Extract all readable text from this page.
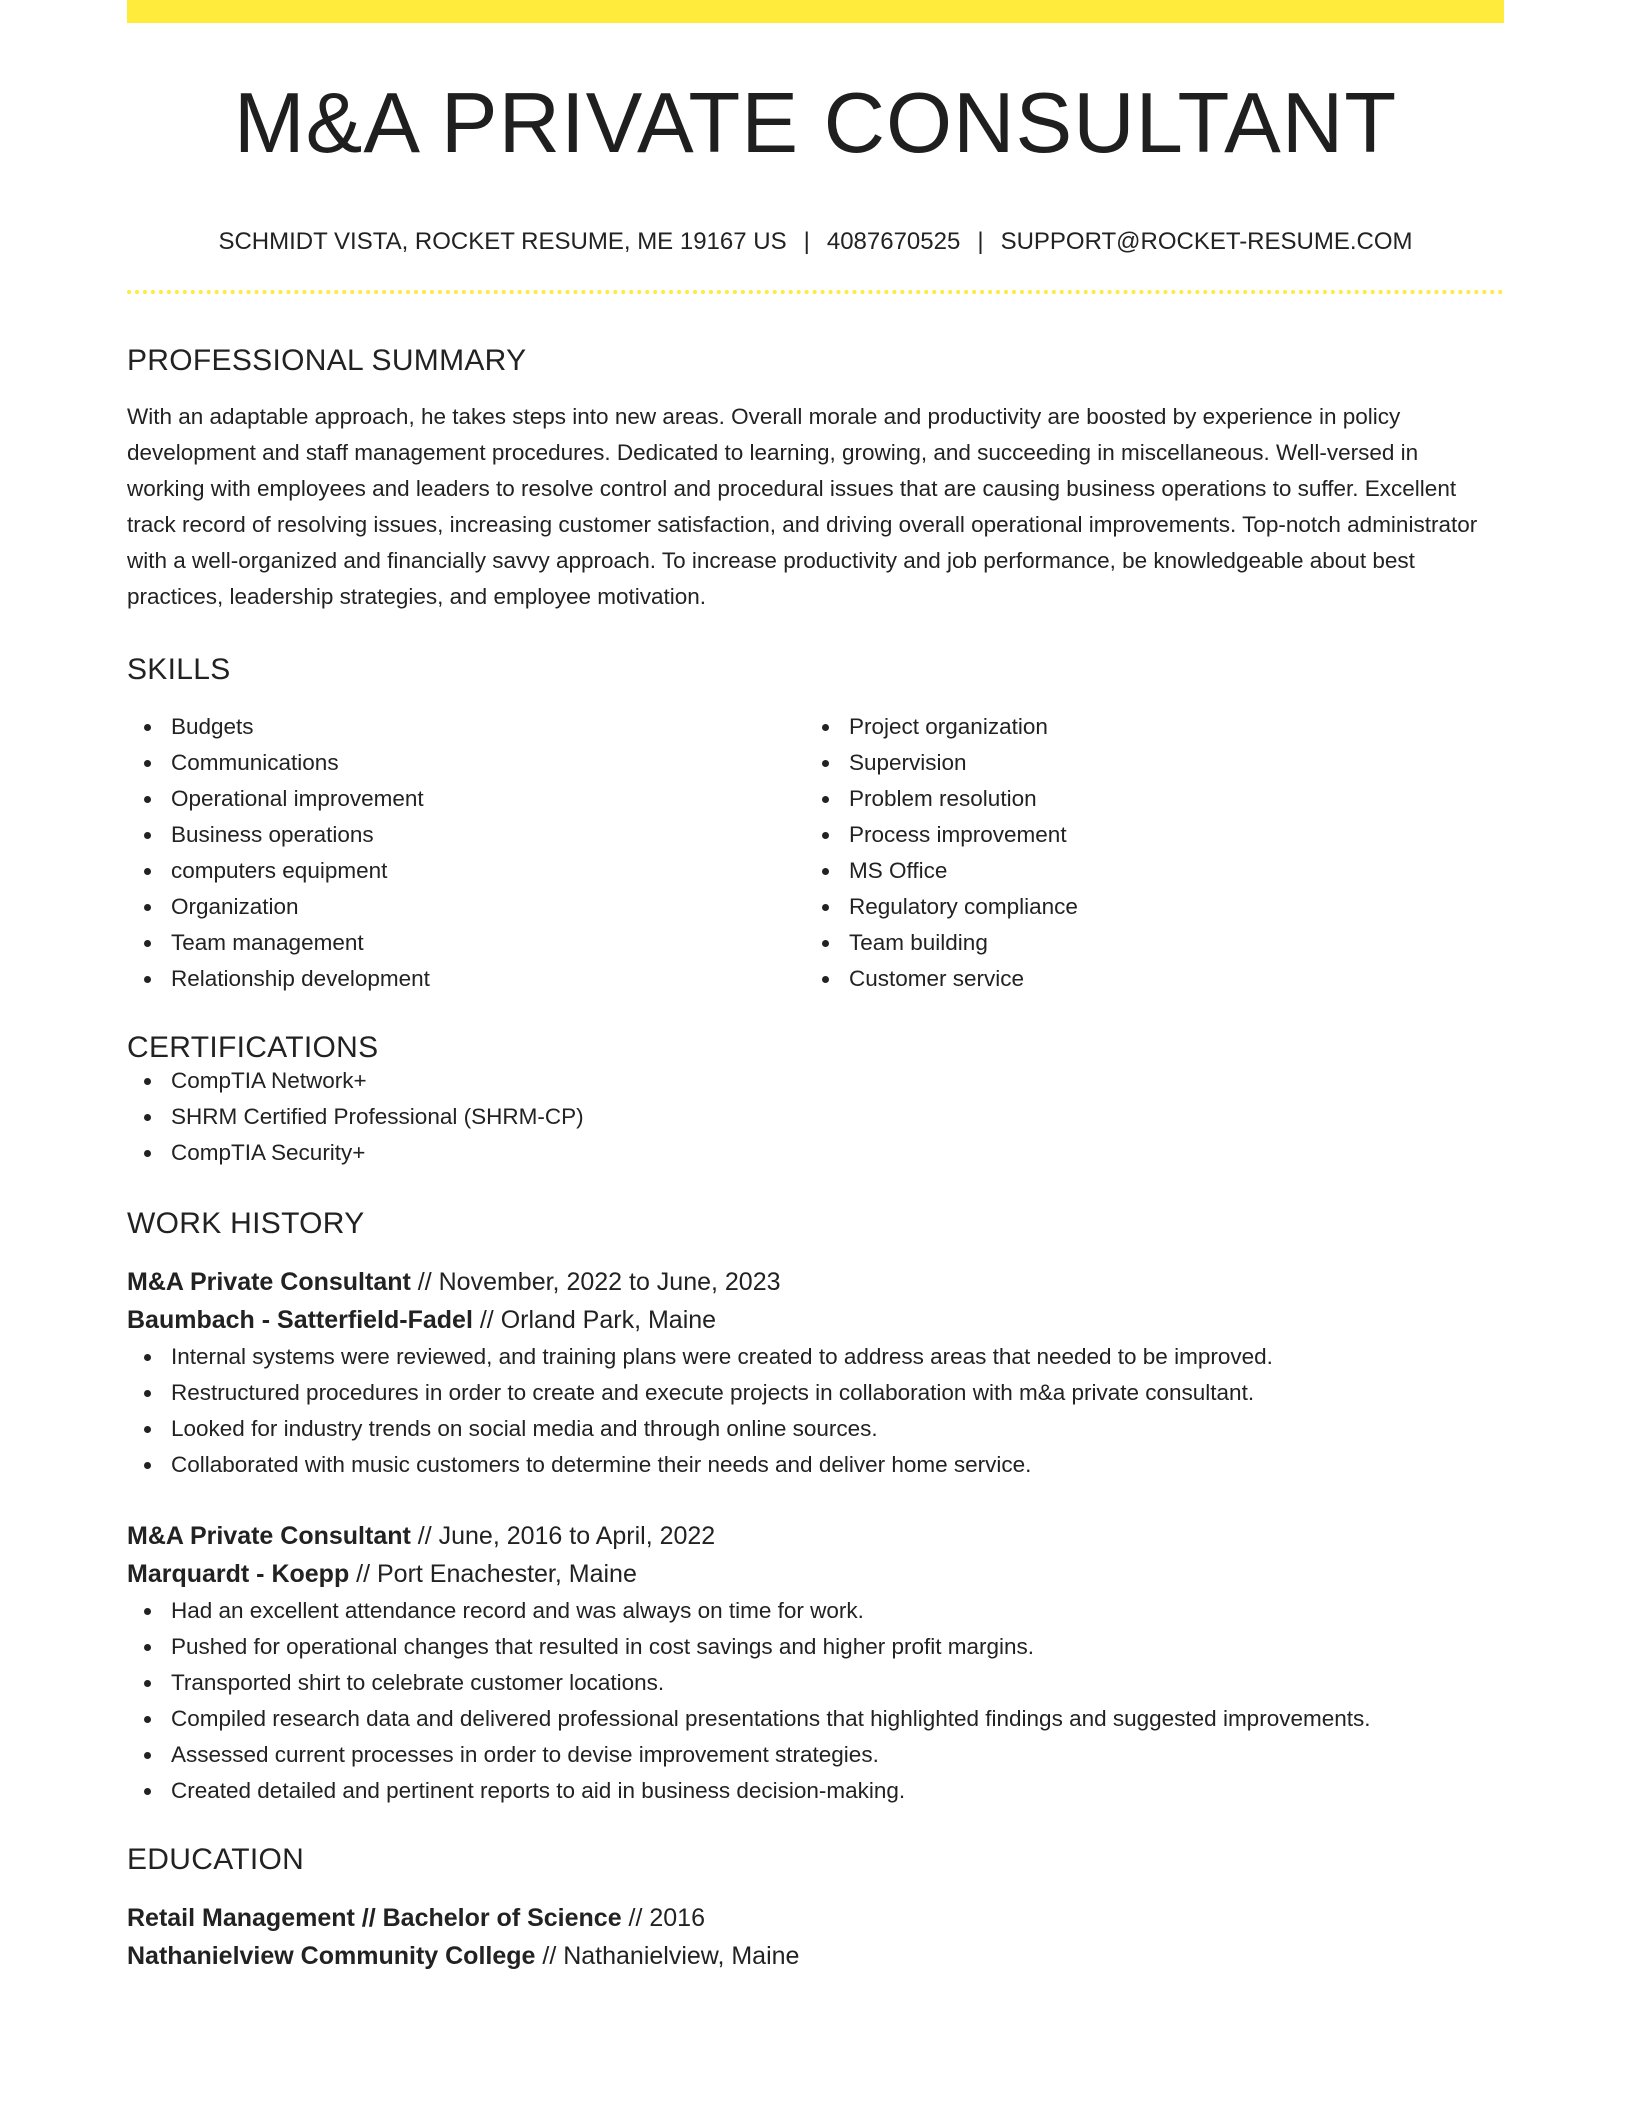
M&A PRIVATE CONSULTANT
SCHMIDT VISTA, ROCKET RESUME, ME 19167 US | 4087670525 | SUPPORT@ROCKET-RESUME.COM
PROFESSIONAL SUMMARY
With an adaptable approach, he takes steps into new areas. Overall morale and productivity are boosted by experience in policy development and staff management procedures. Dedicated to learning, growing, and succeeding in miscellaneous. Well-versed in working with employees and leaders to resolve control and procedural issues that are causing business operations to suffer. Excellent track record of resolving issues, increasing customer satisfaction, and driving overall operational improvements. Top-notch administrator with a well-organized and financially savvy approach. To increase productivity and job performance, be knowledgeable about best practices, leadership strategies, and employee motivation.
SKILLS
Budgets
Communications
Operational improvement
Business operations
computers equipment
Organization
Team management
Relationship development
Project organization
Supervision
Problem resolution
Process improvement
MS Office
Regulatory compliance
Team building
Customer service
CERTIFICATIONS
CompTIA Network+
SHRM Certified Professional (SHRM-CP)
CompTIA Security+
WORK HISTORY
M&A Private Consultant // November, 2022 to June, 2023
Baumbach - Satterfield-Fadel // Orland Park, Maine
Internal systems were reviewed, and training plans were created to address areas that needed to be improved.
Restructured procedures in order to create and execute projects in collaboration with m&a private consultant.
Looked for industry trends on social media and through online sources.
Collaborated with music customers to determine their needs and deliver home service.
M&A Private Consultant // June, 2016 to April, 2022
Marquardt - Koepp // Port Enachester, Maine
Had an excellent attendance record and was always on time for work.
Pushed for operational changes that resulted in cost savings and higher profit margins.
Transported shirt to celebrate customer locations.
Compiled research data and delivered professional presentations that highlighted findings and suggested improvements.
Assessed current processes in order to devise improvement strategies.
Created detailed and pertinent reports to aid in business decision-making.
EDUCATION
Retail Management // Bachelor of Science // 2016
Nathanielview Community College // Nathanielview, Maine
